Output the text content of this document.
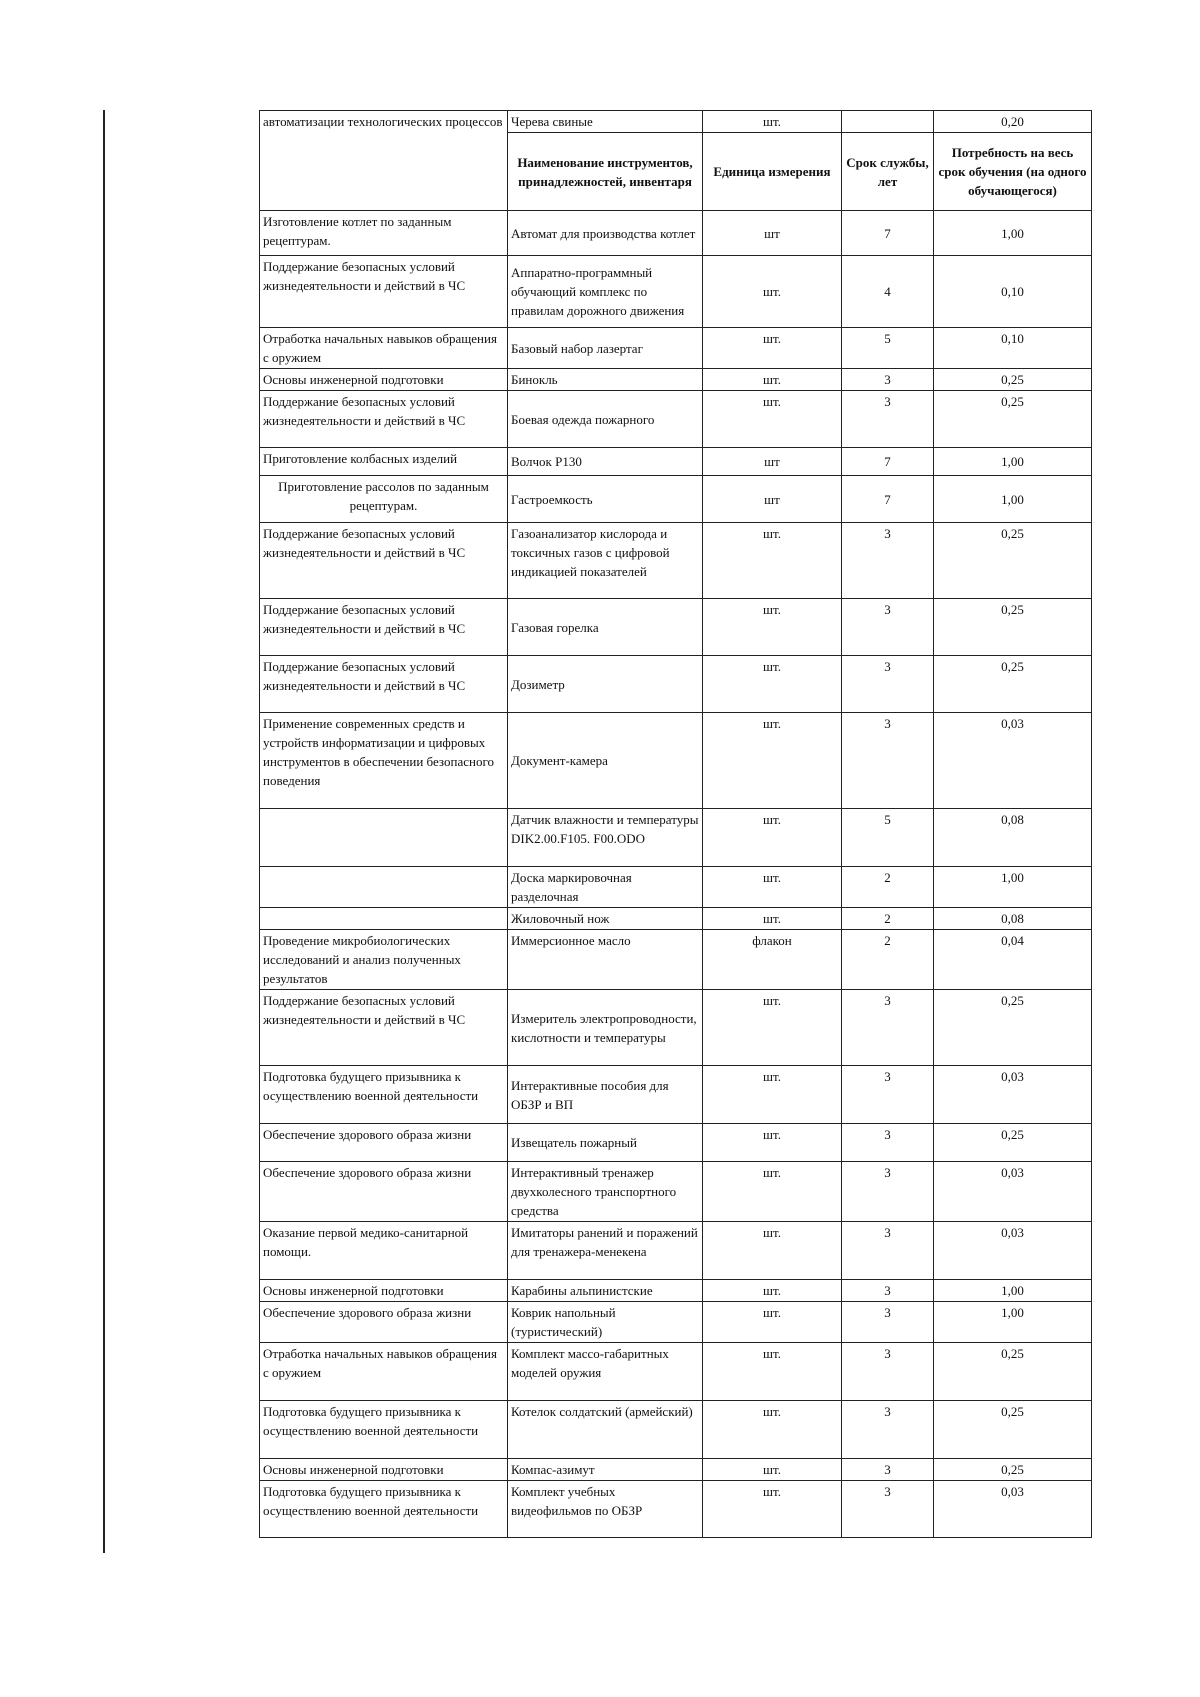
автоматизации технологических процессов	Черева свиные	шт.		0,20
	Наименование инструментов, принадлежностей, инвентаря	Единица измерения	Срок службы, лет	Потребность на весь срок обучения (на одного обучающегося)
Изготовление котлет по заданным рецептурам.	Автомат для производства котлет	шт	7	1,00
Поддержание безопасных условий жизнедеятельности и действий в ЧС	Аппаратно-программный обучающий комплекс по правилам дорожного движения	шт.	4	0,10
Отработка начальных навыков обращения с оружием	Базовый набор лазертаг	шт.	5	0,10
Основы инженерной подготовки	Бинокль	шт.	3	0,25
Поддержание безопасных условий жизнедеятельности и действий в ЧС	Боевая одежда пожарного	шт.	3	0,25
Приготовление колбасных изделий	Волчок Р130	шт	7	1,00
Приготовление рассолов по заданным рецептурам.	Гастроемкость	шт	7	1,00
Поддержание безопасных условий жизнедеятельности и действий в ЧС	Газоанализатор кислорода и токсичных газов с цифровой индикацией показателей	шт.	3	0,25
Поддержание безопасных условий жизнедеятельности и действий в ЧС	Газовая горелка	шт.	3	0,25
Поддержание безопасных условий жизнедеятельности и действий в ЧС	Дозиметр	шт.	3	0,25
Применение современных средств и устройств информатизации и цифровых инструментов в обеспечении безопасного поведения	Документ-камера	шт.	3	0,03
	Датчик влажности и температуры DIK2.00.F105. F00.ODO	шт.	5	0,08
	Доска маркировочная разделочная	шт.	2	1,00
	Жиловочный нож	шт.	2	0,08
Проведение микробиологических исследований и анализ полученных результатов	Иммерсионное масло	флакон	2	0,04
Поддержание безопасных условий жизнедеятельности и действий в ЧС	Измеритель электропроводности, кислотности и температуры	шт.	3	0,25
Подготовка будущего призывника к осуществлению военной деятельности	Интерактивные пособия для ОБЗР и ВП	шт.	3	0,03
Обеспечение здорового образа жизни	Извещатель пожарный	шт.	3	0,25
Обеспечение здорового образа жизни	Интерактивный тренажер двухколесного транспортного средства	шт.	3	0,03
Оказание первой медико-санитарной помощи.	Имитаторы ранений и поражений для тренажера-менекена	шт.	3	0,03
Основы инженерной подготовки	Карабины альпинистские	шт.	3	1,00
Обеспечение здорового образа жизни	Коврик напольный (туристический)	шт.	3	1,00
Отработка начальных навыков обращения с оружием	Комплект массо-габаритных моделей оружия	шт.	3	0,25
Подготовка будущего призывника к осуществлению военной деятельности	Котелок солдатский (армейский)	шт.	3	0,25
Основы инженерной подготовки	Компас-азимут	шт.	3	0,25
Подготовка будущего призывника к осуществлению военной деятельности	Комплект учебных видеофильмов по ОБЗР	шт.	3	0,03
